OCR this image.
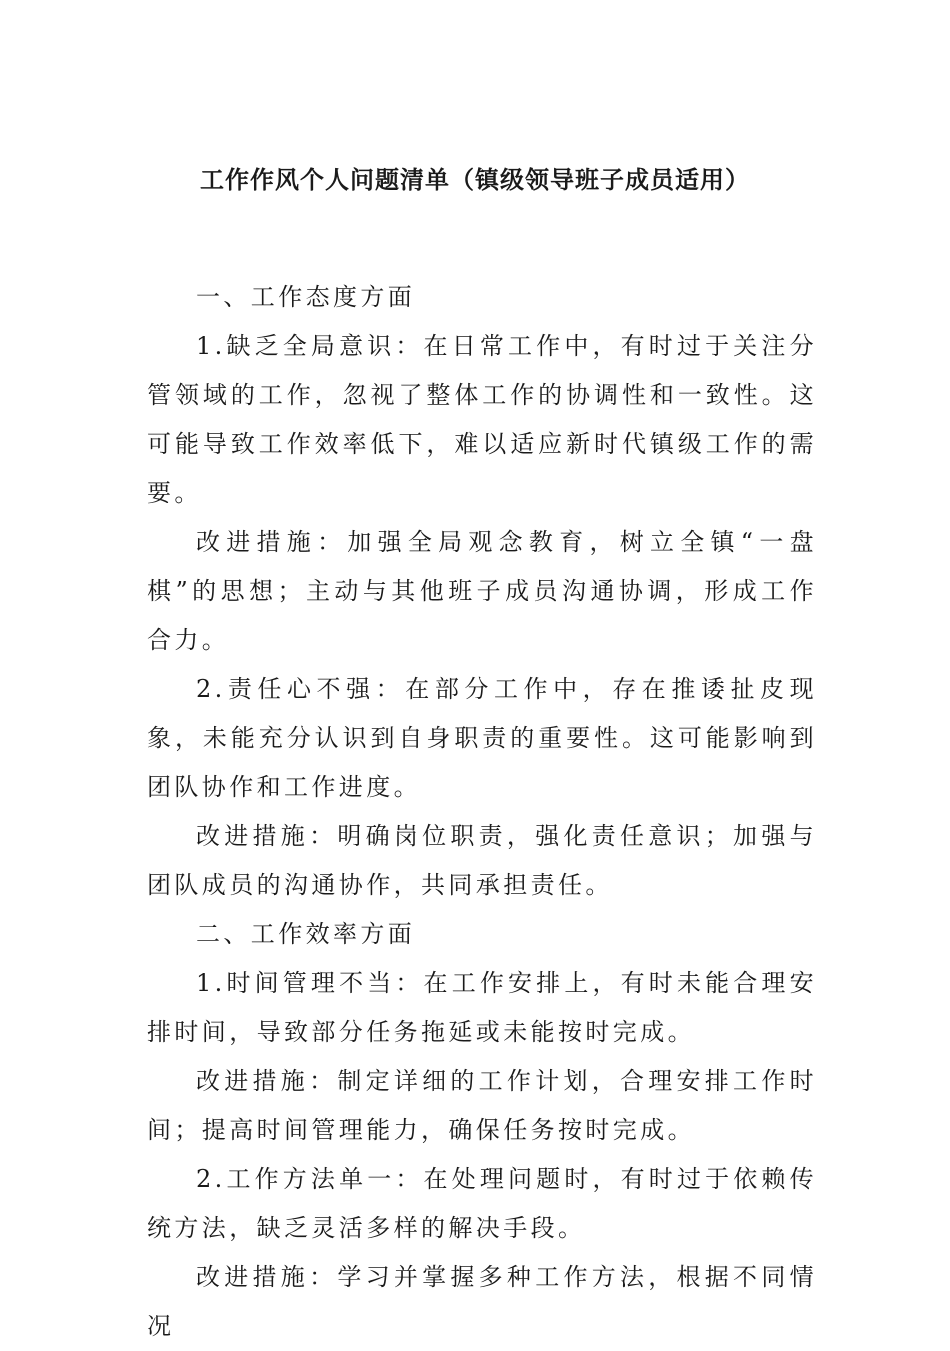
工作作风个人问题清单（镇级领导班子成员适用）

一、工作态度方面

1.缺乏全局意识：在日常工作中，有时过于关注分管领域的工作，忽视了整体工作的协调性和一致性。这可能导致工作效率低下，难以适应新时代镇级工作的需要。

改进措施：加强全局观念教育，树立全镇“一盘棋”的思想；主动与其他班子成员沟通协调，形成工作合力。

2.责任心不强：在部分工作中，存在推诿扯皮现象，未能充分认识到自身职责的重要性。这可能影响到团队协作和工作进度。

改进措施：明确岗位职责，强化责任意识；加强与团队成员的沟通协作，共同承担责任。

二、工作效率方面

1.时间管理不当：在工作安排上，有时未能合理安排时间，导致部分任务拖延或未能按时完成。

改进措施：制定详细的工作计划，合理安排工作时间；提高时间管理能力，确保任务按时完成。

2.工作方法单一：在处理问题时，有时过于依赖传统方法，缺乏灵活多样的解决手段。

改进措施：学习并掌握多种工作方法，根据不同情况
